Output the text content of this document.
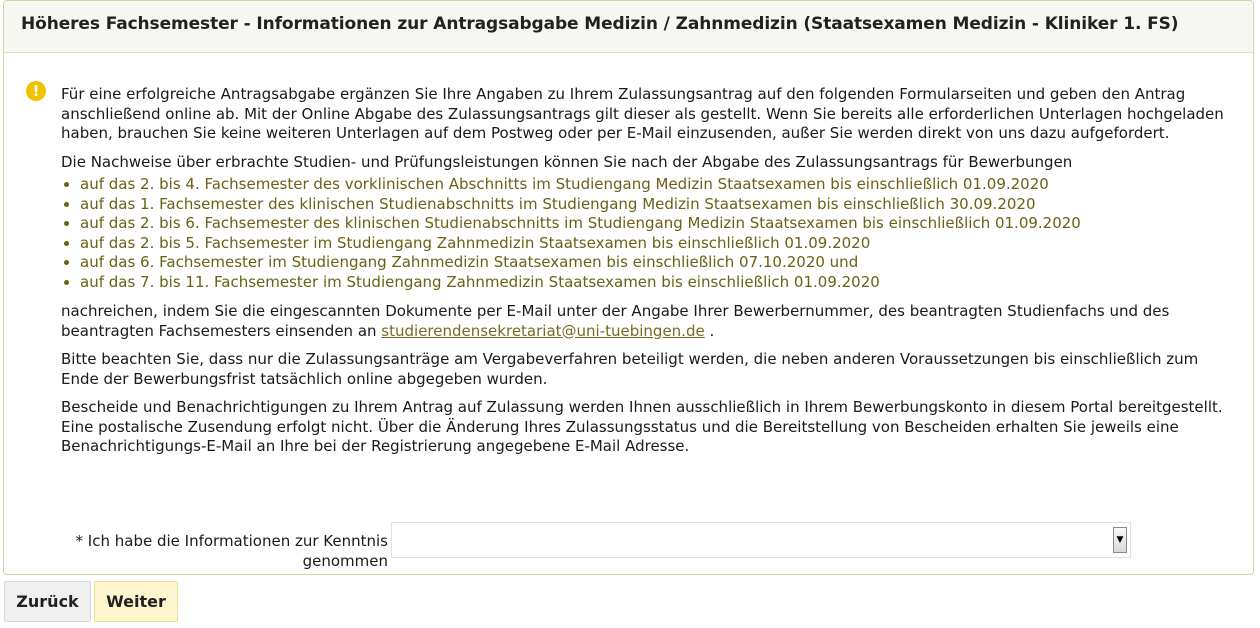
Höheres Fachsemester - Informationen zur Antragsabgabe Medizin / Zahnmedizin (Staatsexamen Medizin - Kliniker 1. FS)
!	Für eine erfolgreiche Antragsabgabe ergänzen Sie Ihre Angaben zu Ihrem Zulassungsantrag auf den folgenden Formularseiten und geben den Antrag anschließend online ab. Mit der Online Abgabe des Zulassungsantrags gilt dieser als gestellt. Wenn Sie bereits alle erforderlichen Unterlagen hochgeladen haben, brauchen Sie keine weiteren Unterlagen auf dem Postweg oder per E-Mail einzusenden, außer Sie werden direkt von uns dazu aufgefordert.

Die Nachweise über erbrachte Studien- und Prüfungsleistungen können Sie nach der Abgabe des Zulassungsantrags für Bewerbungen

• auf das 2. bis 4. Fachsemester des vorklinischen Abschnitts im Studiengang Medizin Staatsexamen bis einschließlich 01.09.2020
• auf das 1. Fachsemester des klinischen Studienabschnitts im Studiengang Medizin Staatsexamen bis einschließlich 30.09.2020
• auf das 2. bis 6. Fachsemester des klinischen Studienabschnitts im Studiengang Medizin Staatsexamen bis einschließlich 01.09.2020
• auf das 2. bis 5. Fachsemester im Studiengang Zahnmedizin Staatsexamen bis einschließlich 01.09.2020
• auf das 6. Fachsemester im Studiengang Zahnmedizin Staatsexamen bis einschließlich 07.10.2020 und
• auf das 7. bis 11. Fachsemester im Studiengang Zahnmedizin Staatsexamen bis einschließlich 01.09.2020

nachreichen, indem Sie die eingescannten Dokumente per E-Mail unter der Angabe Ihrer Bewerbernummer, des beantragten Studienfachs und des beantragten Fachsemesters einsenden an studierendensekretariat@uni-tuebingen.de .

Bitte beachten Sie, dass nur die Zulassungsanträge am Vergabeverfahren beteiligt werden, die neben anderen Voraussetzungen bis einschließlich zum Ende der Bewerbungsfrist tatsächlich online abgegeben wurden.

Bescheide und Benachrichtigungen zu Ihrem Antrag auf Zulassung werden Ihnen ausschließlich in Ihrem Bewerbungskonto in diesem Portal bereitgestellt. Eine postalische Zusendung erfolgt nicht. Über die Änderung Ihres Zulassungsstatus und die Bereitstellung von Bescheiden erhalten Sie jeweils eine Benachrichtigungs-E-Mail an Ihre bei der Registrierung angegebene E-Mail Adresse.

* Ich habe die Informationen zur Kenntnis genommen
▼
Zurück	Weiter
